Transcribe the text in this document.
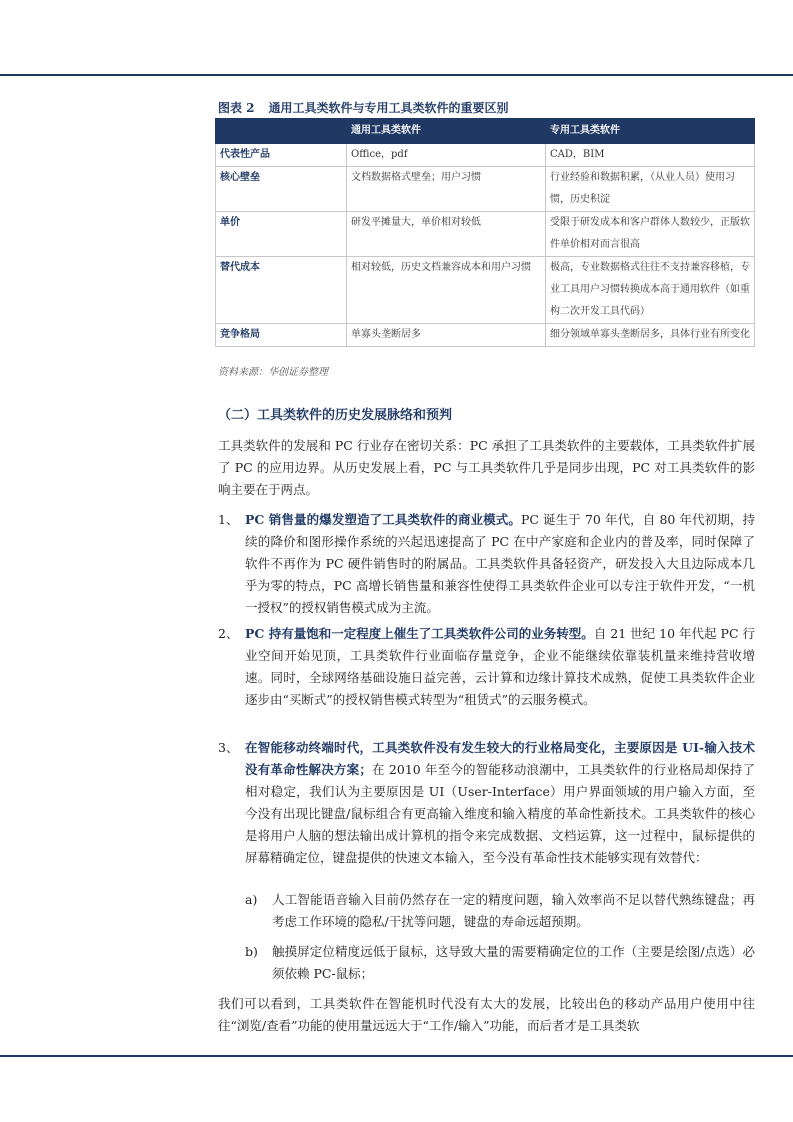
图表 2 通用工具类软件与专用工具类软件的重要区别
	通用工具类软件	专用工具类软件
代表性产品	Office，pdf	CAD，BIM
核心壁垒	文档数据格式壁垒；用户习惯	行业经验和数据积累，（从业人员）使用习惯，历史积淀
单价	研发平摊量大，单价相对较低	受限于研发成本和客户群体人数较少，正版软件单价相对而言很高
替代成本	相对较低，历史文档兼容成本和用户习惯	极高，专业数据格式往往不支持兼容移植，专业工具用户习惯转换成本高于通用软件（如重构二次开发工具代码）
竞争格局	单寡头垄断居多	细分领域单寡头垄断居多，具体行业有所变化
资料来源：华创证券整理
（二）工具类软件的历史发展脉络和预判
工具类软件的发展和 PC 行业存在密切关系：PC 承担了工具类软件的主要载体，工具类软件扩展了 PC 的应用边界。从历史发展上看，PC 与工具类软件几乎是同步出现，PC 对工具类软件的影响主要在于两点。
1、 PC 销售量的爆发塑造了工具类软件的商业模式。PC 诞生于 70 年代，自 80 年代初期，持续的降价和图形操作系统的兴起迅速提高了 PC 在中产家庭和企业内的普及率，同时保障了软件不再作为 PC 硬件销售时的附属品。工具类软件具备轻资产，研发投入大且边际成本几乎为零的特点，PC 高增长销售量和兼容性使得工具类软件企业可以专注于软件开发，“一机一授权”的授权销售模式成为主流。
2、 PC 持有量饱和一定程度上催生了工具类软件公司的业务转型。自 21 世纪 10 年代起 PC 行业空间开始见顶，工具类软件行业面临存量竞争，企业不能继续依靠装机量来维持营收增速。同时，全球网络基础设施日益完善，云计算和边缘计算技术成熟，促使工具类软件企业逐步由“买断式”的授权销售模式转型为“租赁式”的云服务模式。
3、 在智能移动终端时代，工具类软件没有发生较大的行业格局变化，主要原因是 UI-输入技术没有革命性解决方案；在 2010 年至今的智能移动浪潮中，工具类软件的行业格局却保持了相对稳定，我们认为主要原因是 UI（User-Interface）用户界面领域的用户输入方面，至今没有出现比键盘/鼠标组合有更高输入维度和输入精度的革命性新技术。工具类软件的核心是将用户人脑的想法输出成计算机的指令来完成数据、文档运算，这一过程中，鼠标提供的屏幕精确定位，键盘提供的快速文本输入，至今没有革命性技术能够实现有效替代：
a)	人工智能语音输入目前仍然存在一定的精度问题，输入效率尚不足以替代熟练键盘；再考虑工作环境的隐私/干扰等问题，键盘的寿命远超预期。
b)	触摸屏定位精度远低于鼠标，这导致大量的需要精确定位的工作（主要是绘图/点选）必须依赖 PC-鼠标；
我们可以看到，工具类软件在智能机时代没有太大的发展，比较出色的移动产品用户使用中往往“浏览/查看”功能的使用量远远大于“工作/输入”功能，而后者才是工具类软
